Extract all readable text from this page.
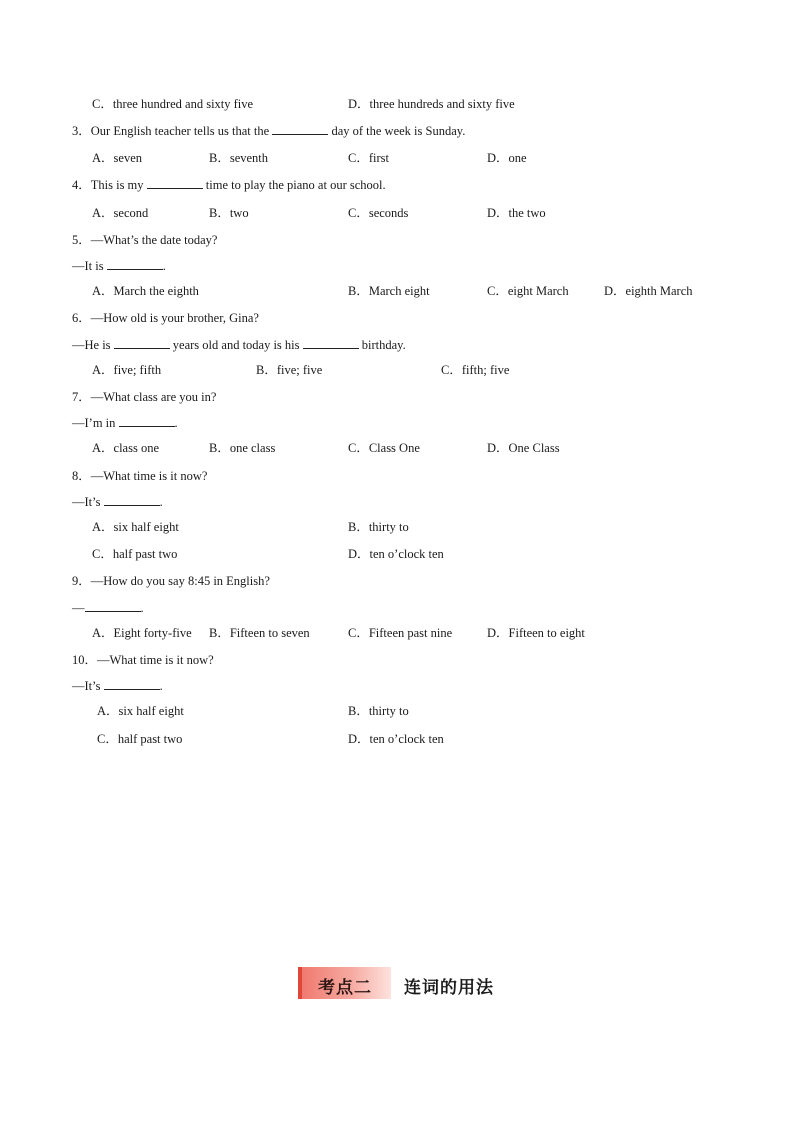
C．three hundred and sixty five	D．three hundreds and sixty five
3．Our English teacher tells us that the	day of the week is Sunday.
A．seven	B．seventh	C．first	D．one
4．This is my	time to play the piano at our school.
A．second	B．two	C．seconds	D．the two
5．—What’s the date today?
—It is	.
A．March the eighth	B．March eight	C．eight March	D．eighth March
6．—How old is your brother, Gina?
—He is	years old and today is his	birthday.
A．five; fifth	B．five; five	C．fifth; five
7．—What class are you in?
—I’m in	.
A．class one	B．one class	C．Class One	D．One Class
8．—What time is it now?
—It’s	.
A．six half eight	B．thirty to
C．half past two	D．ten o’clock ten
9．—How do you say 8:45 in English?
—	.
A．Eight forty-five B．Fifteen to seven	C．Fifteen past nine	D．Fifteen to eight
10．—What time is it now?
—It’s	.
A．six half eight	B．thirty to
C．half past two	D．ten o’clock ten
考点二 连词的用法
